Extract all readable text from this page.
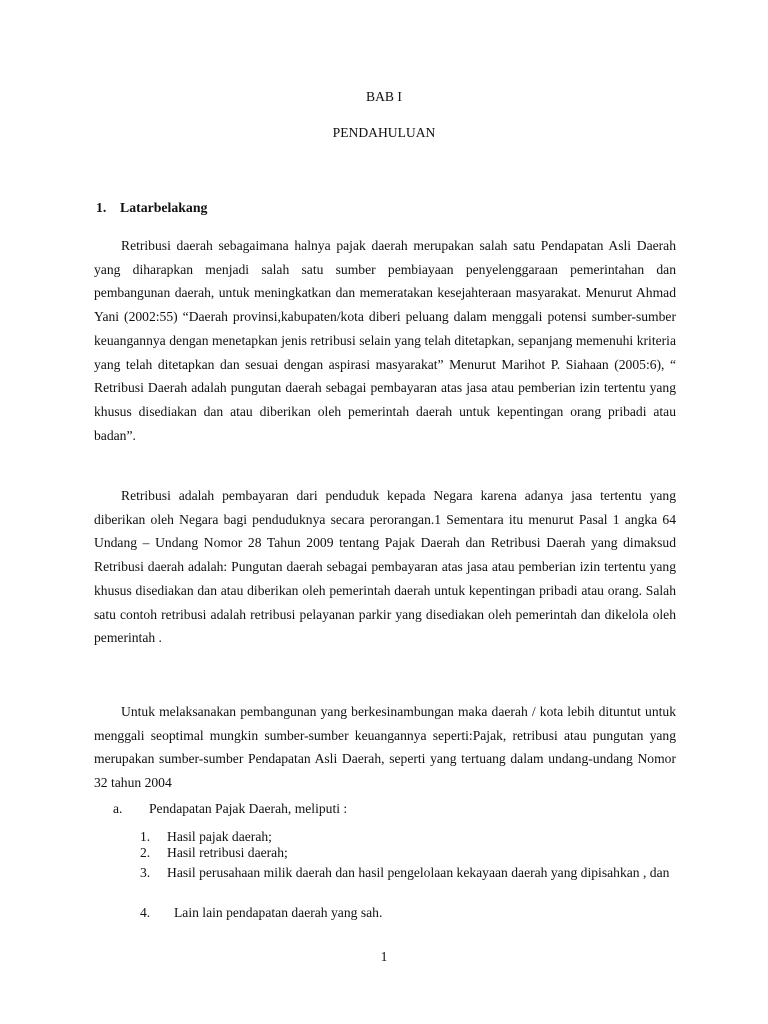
BAB I
PENDAHULUAN
1. Latarbelakang

Retribusi daerah sebagaimana halnya pajak daerah merupakan salah satu Pendapatan Asli Daerah yang diharapkan menjadi salah satu sumber pembiayaan penyelenggaraan pemerintahan dan pembangunan daerah, untuk meningkatkan dan memeratakan kesejahteraan masyarakat. Menurut Ahmad Yani (2002:55) “Daerah provinsi,kabupaten/kota diberi peluang dalam menggali potensi sumber-sumber keuangannya dengan menetapkan jenis retribusi selain yang telah ditetapkan, sepanjang memenuhi kriteria yang telah ditetapkan dan sesuai dengan aspirasi masyarakat” Menurut Marihot P. Siahaan (2005:6), “ Retribusi Daerah adalah pungutan daerah sebagai pembayaran atas jasa atau pemberian izin tertentu yang khusus disediakan dan atau diberikan oleh pemerintah daerah untuk kepentingan orang pribadi atau badan”.

Retribusi adalah pembayaran dari penduduk kepada Negara karena adanya jasa tertentu yang diberikan oleh Negara bagi penduduknya secara perorangan.1 Sementara itu menurut Pasal 1 angka 64 Undang – Undang Nomor 28 Tahun 2009 tentang Pajak Daerah dan Retribusi Daerah yang dimaksud Retribusi daerah adalah: Pungutan daerah sebagai pembayaran atas jasa atau pemberian izin tertentu yang khusus disediakan dan atau diberikan oleh pemerintah daerah untuk kepentingan pribadi atau orang. Salah satu contoh retribusi adalah retribusi pelayanan parkir yang disediakan oleh pemerintah dan dikelola oleh pemerintah .

Untuk melaksanakan pembangunan yang berkesinambungan maka daerah / kota lebih dituntut untuk menggali seoptimal mungkin sumber-sumber keuangannya seperti:Pajak, retribusi atau pungutan yang merupakan sumber-sumber Pendapatan Asli Daerah, seperti yang tertuang dalam undang-undang Nomor 32 tahun 2004

a. Pendapatan Pajak Daerah, meliputi :
1. Hasil pajak daerah;
2. Hasil retribusi daerah;
3. Hasil perusahaan milik daerah dan hasil pengelolaan kekayaan daerah yang dipisahkan , dan
4. Lain lain pendapatan daerah yang sah.
1
